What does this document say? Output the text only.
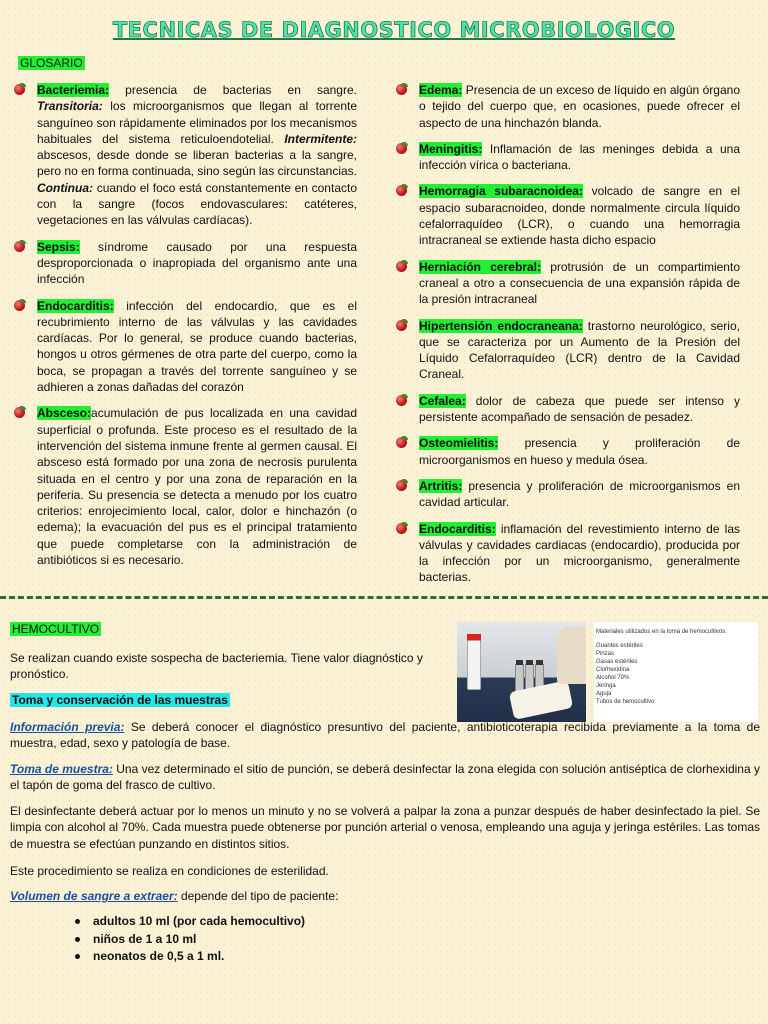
TECNICAS DE DIAGNOSTICO MICROBIOLOGICO
GLOSARIO

Bacteriemia: presencia de bacterias en sangre. Transitoria: los microorganismos que llegan al torrente sanguíneo son rápidamente eliminados por los mecanismos habituales del sistema reticuloendotelial. Intermitente: abscesos, desde donde se liberan bacterias a la sangre, pero no en forma continuada, sino según las circunstancias. Continua: cuando el foco está constantemente en contacto con la sangre (focos endovasculares: catéteres, vegetaciones en las válvulas cardíacas).

Sepsis: síndrome causado por una respuesta desproporcionada o inapropiada del organismo ante una infección

Endocarditis: infección del endocardio, que es el recubrimiento interno de las válvulas y las cavidades cardíacas. Por lo general, se produce cuando bacterias, hongos u otros gérmenes de otra parte del cuerpo, como la boca, se propagan a través del torrente sanguíneo y se adhieren a zonas dañadas del corazón

Absceso:acumulación de pus localizada en una cavidad superficial o profunda. Este proceso es el resultado de la intervención del sistema inmune frente al germen causal. El absceso está formado por una zona de necrosis purulenta situada en el centro y por una zona de reparación en la periferia. Su presencia se detecta a menudo por los cuatro criterios: enrojecimiento local, calor, dolor e hinchazón (o edema); la evacuación del pus es el principal tratamiento que puede completarse con la administración de antibióticos si es necesario.

Edema: Presencia de un exceso de líquido en algún órgano o tejido del cuerpo que, en ocasiones, puede ofrecer el aspecto de una hinchazón blanda.

Meningitis: Inflamación de las meninges debida a una infección vírica o bacteriana.

Hemorragia subaracnoidea: volcado de sangre en el espacio subaracnoideo, donde normalmente circula líquido cefalorraquídeo (LCR), o cuando una hemorragia intracraneal se extiende hasta dicho espacio

Herniación cerebral: protrusión de un compartimiento craneal a otro a consecuencia de una expansión rápida de la presión intracraneal

Hipertensión endocraneana: trastorno neurológico, serio, que se caracteriza por un Aumento de la Presión del Líquido Cefalorraquídeo (LCR) dentro de la Cavidad Craneal.

Cefalea: dolor de cabeza que puede ser intenso y persistente acompañado de sensación de pesadez.

Osteomielitis: presencia y proliferación de microorganismos en hueso y medula ósea.

Artritis: presencia y proliferación de microorganismos en cavidad articular.

Endocarditis: inflamación del revestimiento interno de las válvulas y cavidades cardiacas (endocardio), producida por la infección por un microorganismo, generalmente bacterias.

HEMOCULTIVO	Materiales utilizados en la toma de hemocultivos:
Guantes estériles
Pinzas
Gasas estériles
Clorhexidina
Alcohol 70%
Jeringa
Aguja
Tubos de hemocultivo

Se realizan cuando existe sospecha de bacteriemia. Tiene valor diagnóstico y pronóstico.

Toma y conservación de las muestras

Información previa: Se deberá conocer el diagnóstico presuntivo del paciente, antibioticoterapia recibida previamente a la toma de muestra, edad, sexo y patología de base.

Toma de muestra: Una vez determinado el sitio de punción, se deberá desinfectar la zona elegida con solución antiséptica de clorhexidina y el tapón de goma del frasco de cultivo.

El desinfectante deberá actuar por lo menos un minuto y no se volverá a palpar la zona a punzar después de haber desinfectado la piel. Se limpia con alcohol al 70%. Cada muestra puede obtenerse por punción arterial o venosa, empleando una aguja y jeringa estériles. Las tomas de muestra se efectúan punzando en distintos sitios.

Este procedimiento se realiza en condiciones de esterilidad.

Volumen de sangre a extraer: depende del tipo de paciente:

adultos 10 ml (por cada hemocultivo)
niños de 1 a 10 ml
neonatos de 0,5 a 1 ml.
